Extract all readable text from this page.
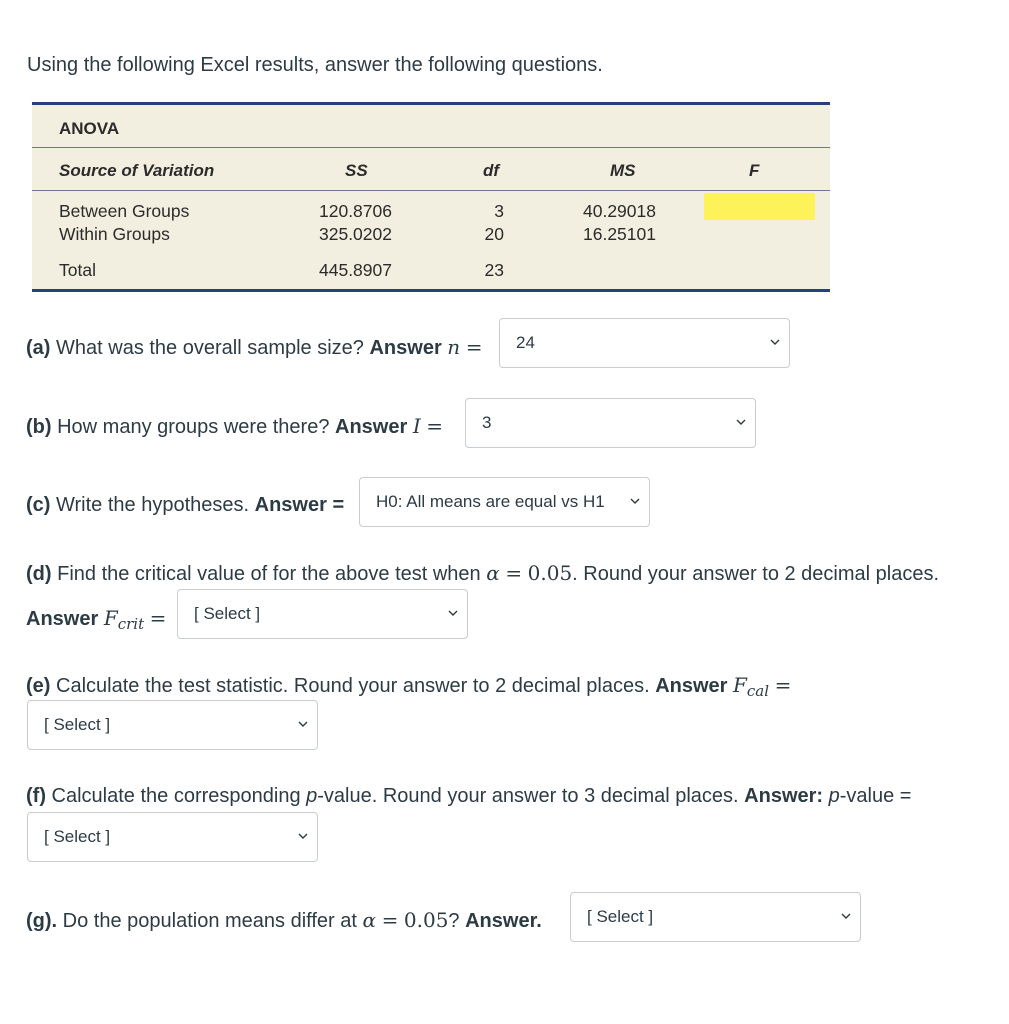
Using the following Excel results, answer the following questions.
ANOVA
Source of Variation	SS	df	MS	F
Between Groups	120.8706	3	40.29018
Within Groups	325.0202	20	16.25101
Total	445.8907	23
(a) What was the overall sample size? Answer n = 24
(b) How many groups were there? Answer I = 3
(c) Write the hypotheses. Answer = H0: All means are equal vs H1
(d) Find the critical value of for the above test when α = 0.05. Round your answer to 2 decimal places.
Answer $F_{crit}$ = [ Select ]
(e) Calculate the test statistic. Round your answer to 2 decimal places. Answer $F_{cal}$ =
[ Select ]
(f) Calculate the corresponding p-value. Round your answer to 3 decimal places. Answer: p-value =
[ Select ]
(g). Do the population means differ at α = 0.05? Answer.	[ Select ]
